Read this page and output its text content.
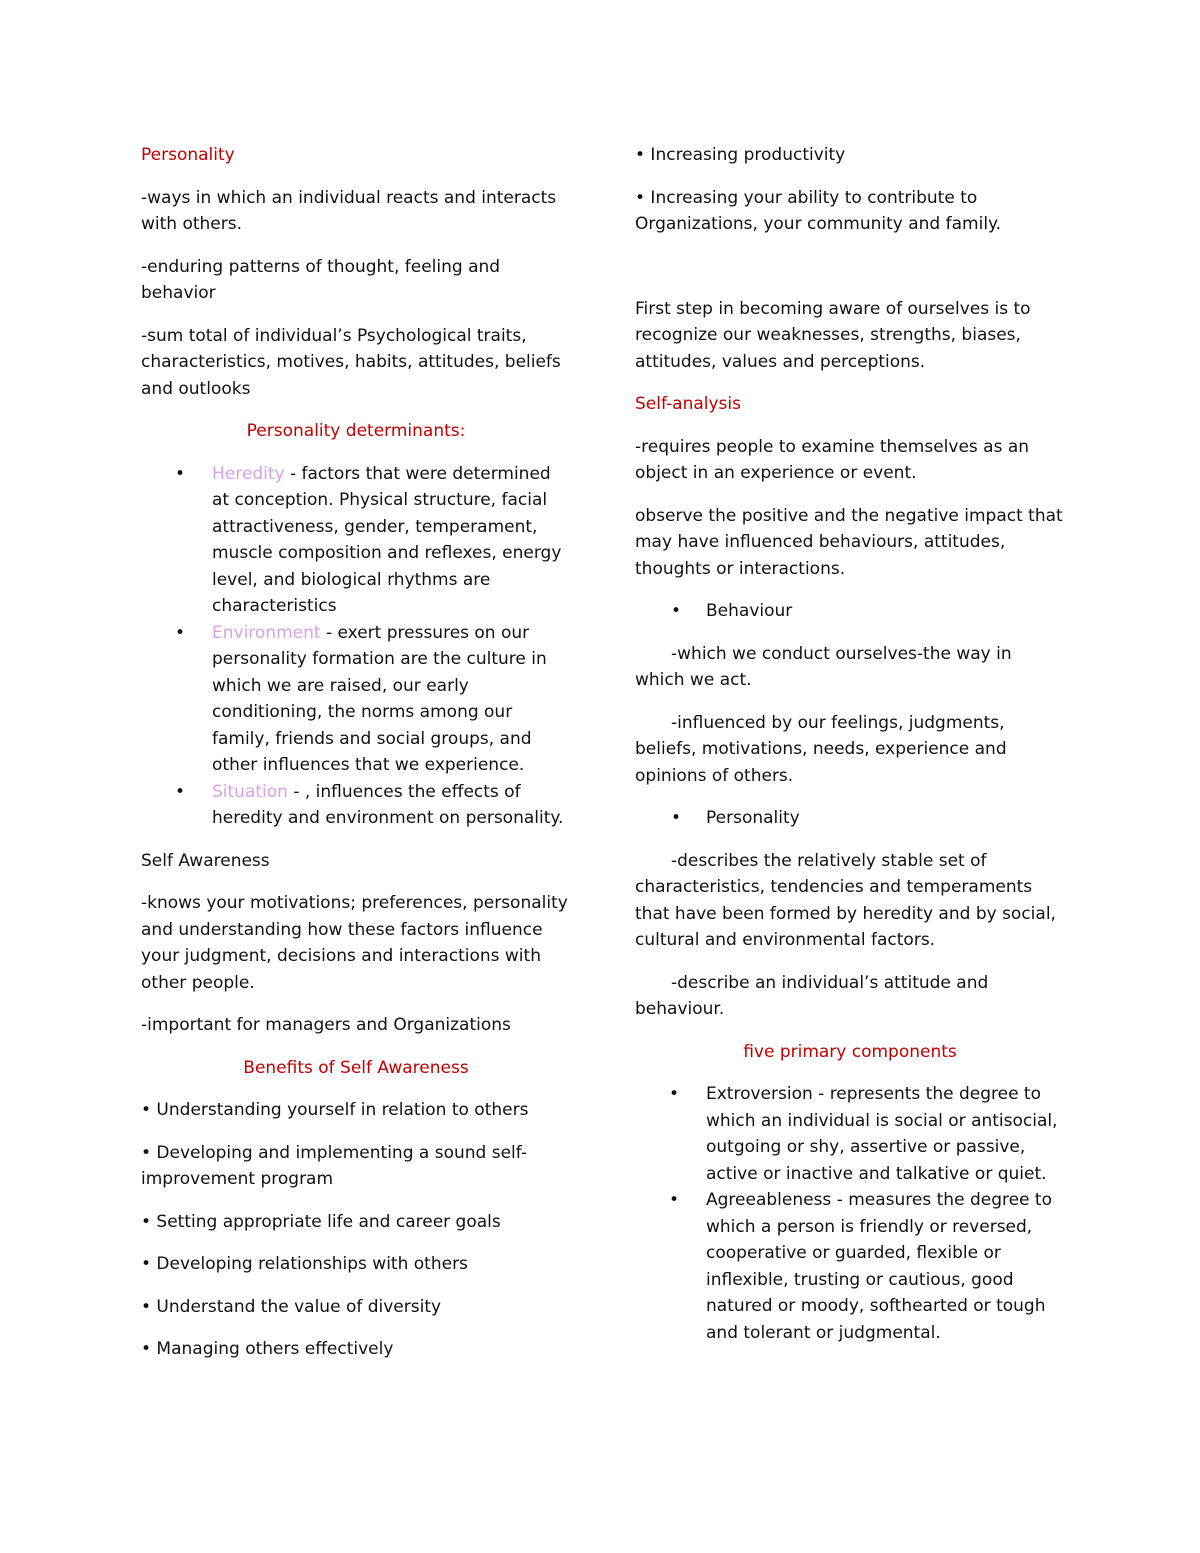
Personality

-ways in which an individual reacts and interacts with others.

-enduring patterns of thought, feeling and behavior

-sum total of individual’s Psychological traits, characteristics, motives, habits, attitudes, beliefs and outlooks

Personality determinants:

• Heredity - factors that were determined at conception. Physical structure, facial attractiveness, gender, temperament, muscle composition and reflexes, energy level, and biological rhythms are characteristics
• Environment - exert pressures on our personality formation are the culture in which we are raised, our early conditioning, the norms among our family, friends and social groups, and other influences that we experience.
• Situation - , influences the effects of heredity and environment on personality.

Self Awareness

-knows your motivations; preferences, personality and understanding how these factors influence your judgment, decisions and interactions with other people.

-important for managers and Organizations

Benefits of Self Awareness

• Understanding yourself in relation to others

• Developing and implementing a sound self-improvement program

• Setting appropriate life and career goals

• Developing relationships with others

• Understand the value of diversity

• Managing others effectively

• Increasing productivity

• Increasing your ability to contribute to Organizations, your community and family.

First step in becoming aware of ourselves is to recognize our weaknesses, strengths, biases, attitudes, values and perceptions.

Self-analysis

-requires people to examine themselves as an object in an experience or event.

observe the positive and the negative impact that may have influenced behaviours, attitudes, thoughts or interactions.

• Behaviour

-which we conduct ourselves-the way in which we act.

-influenced by our feelings, judgments, beliefs, motivations, needs, experience and opinions of others.

• Personality

-describes the relatively stable set of characteristics, tendencies and temperaments that have been formed by heredity and by social, cultural and environmental factors.

-describe an individual’s attitude and behaviour.

five primary components

• Extroversion - represents the degree to which an individual is social or antisocial, outgoing or shy, assertive or passive, active or inactive and talkative or quiet.
• Agreeableness - measures the degree to which a person is friendly or reversed, cooperative or guarded, flexible or inflexible, trusting or cautious, good natured or moody, softhearted or tough and tolerant or judgmental.
